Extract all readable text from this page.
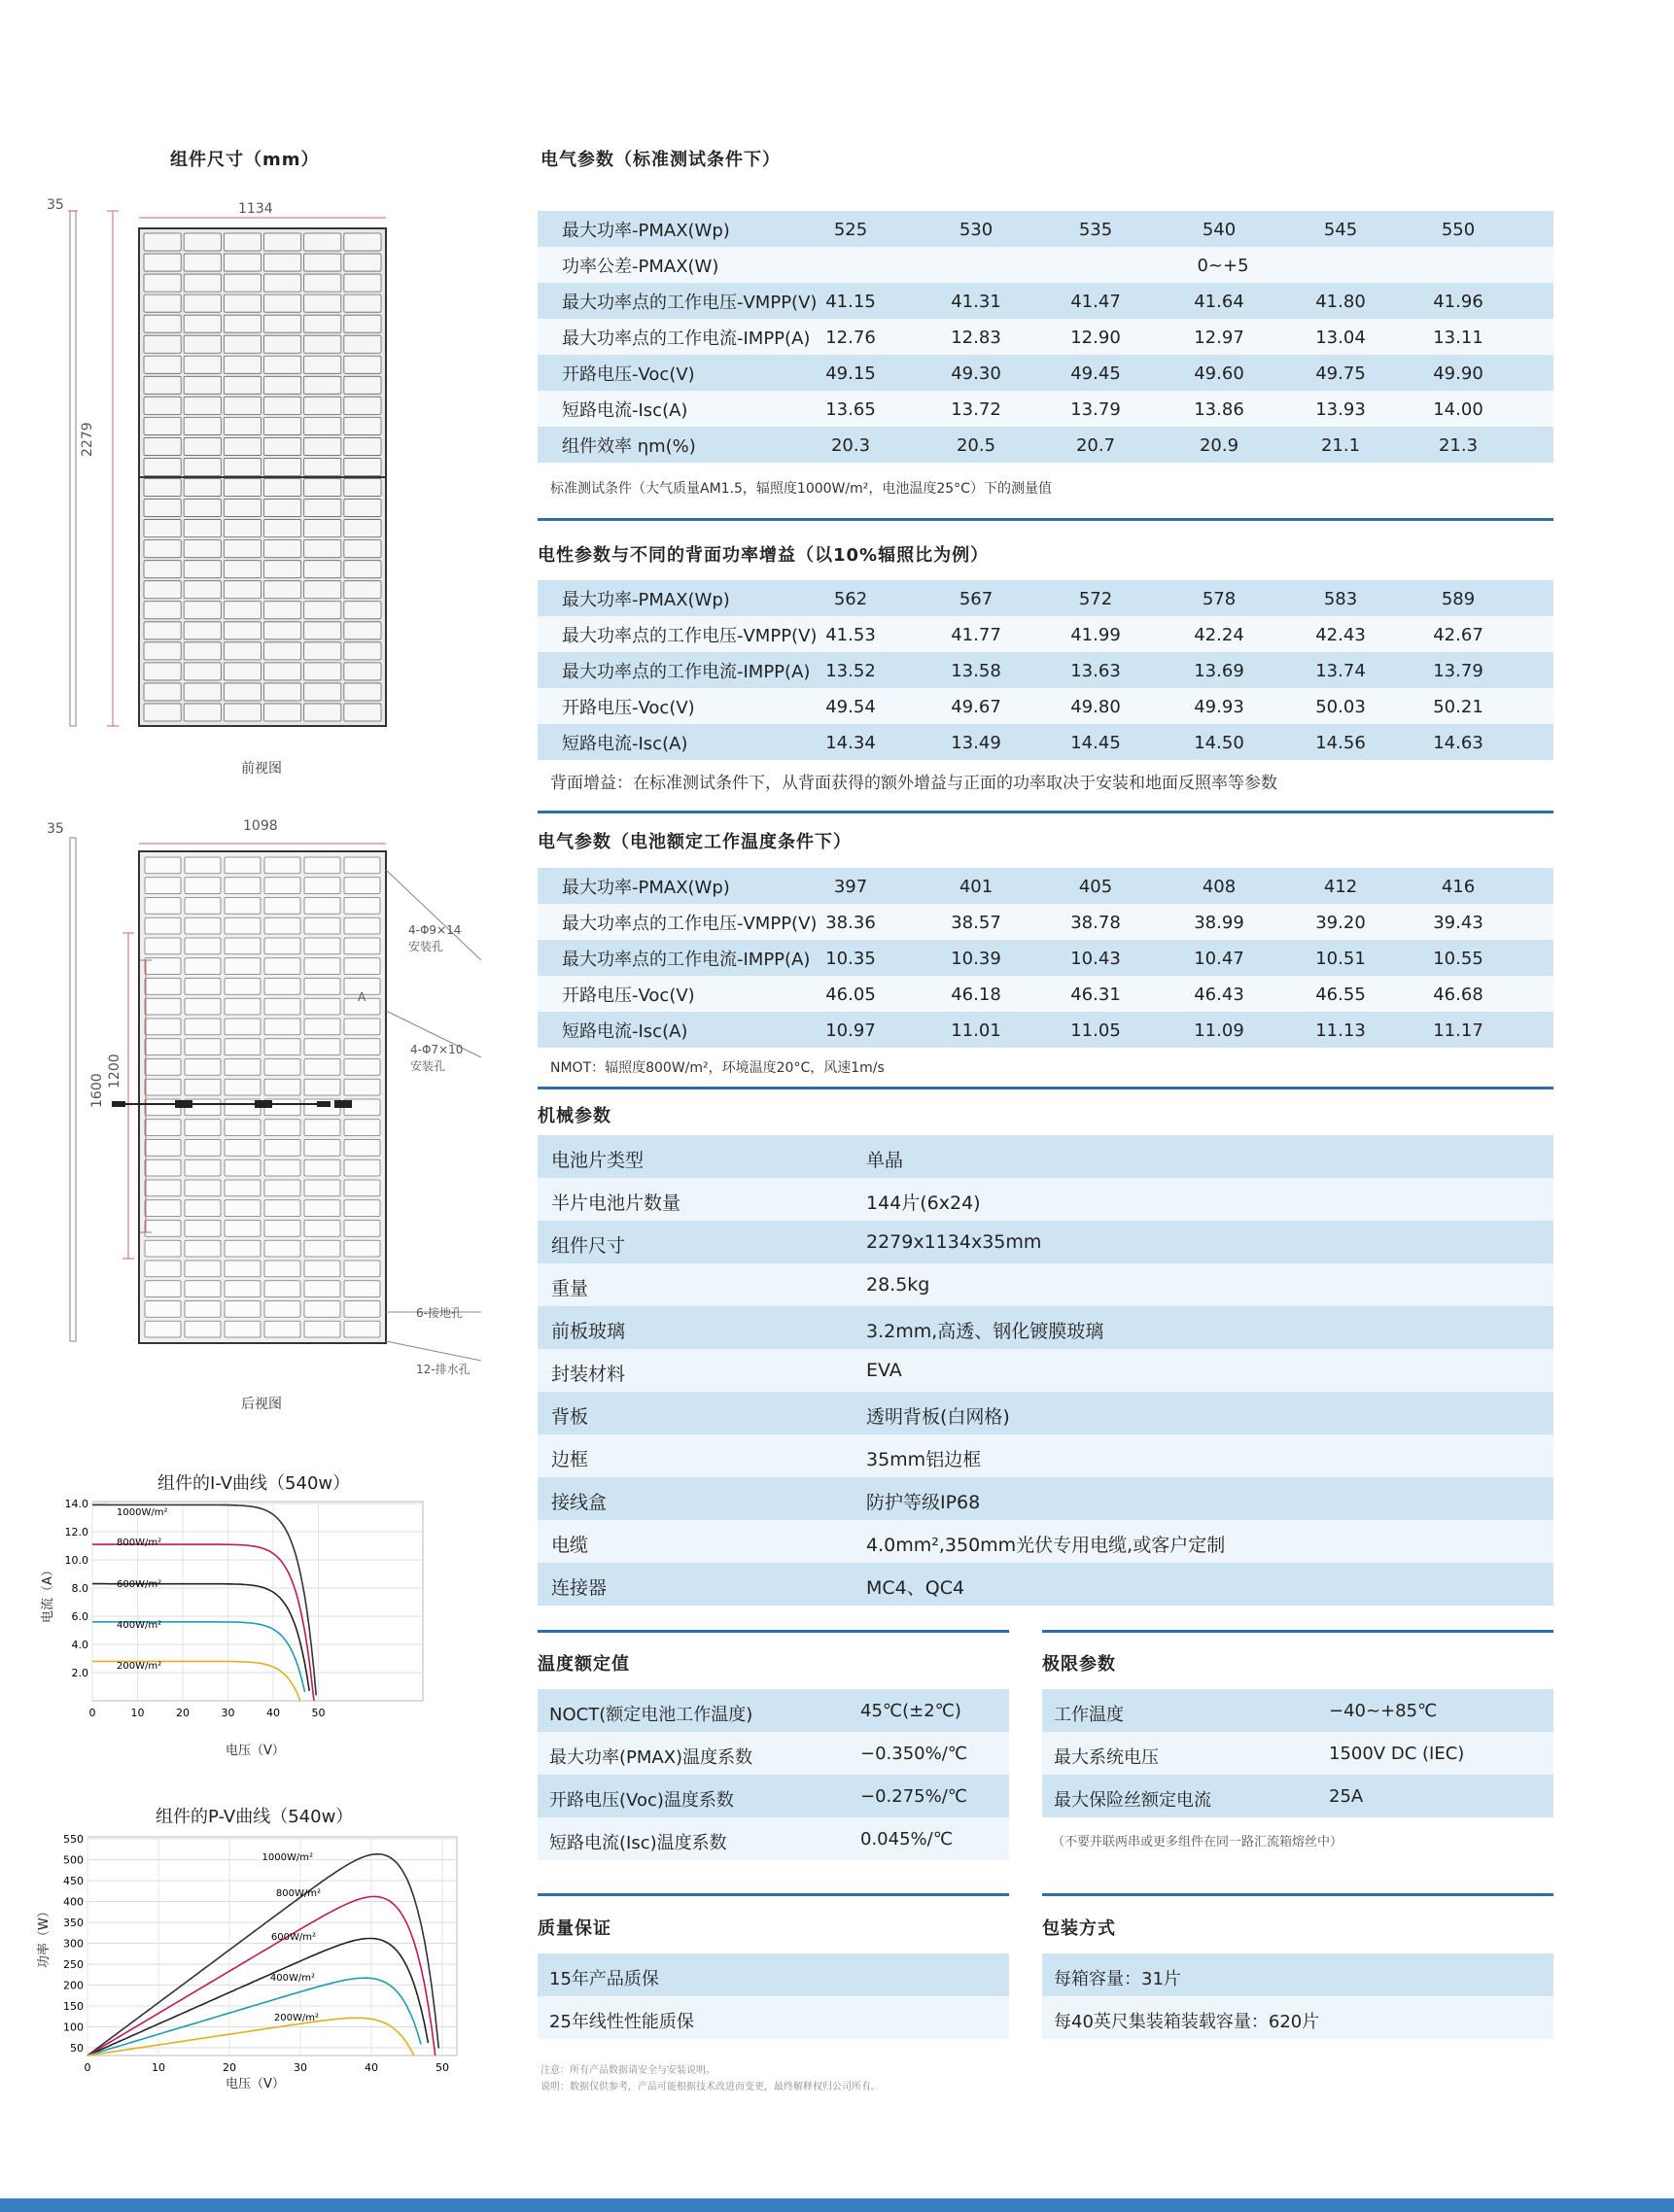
组件尺寸（mm）
1134
35
2279
前视图
1098
35
1600
1200
4-Φ9×14
安装孔
4-Φ7×10
安装孔
6-接地孔
12-排水孔
A
后视图
组件的I-V曲线（540w）
14.0
12.0
10.0
8.0
6.0
4.0
2.0
0	10	20	30	40	50
1000W/m²
800W/m²
600W/m²
400W/m²
200W/m²
电流（A）
电压（V）
组件的P-V曲线（540w）
550
500
450
400
350
300
250
200
150
100
50
0	10	20	30	40	50
1000W/m²
800W/m²
600W/m²
400W/m²
200W/m²
功率（W）
电压（V）
电气参数（标准测试条件下）
最大功率-PMAX(Wp)	525	530	535	540	545	550
功率公差-PMAX(W)	0~+5
最大功率点的工作电压-VMPP(V) 41.15	41.31	41.47	41.64	41.80	41.96
最大功率点的工作电流-IMPP(A) 12.76	12.83	12.90	12.97	13.04	13.11
开路电压-Voc(V)	49.15	49.30	49.45	49.60	49.75	49.90
短路电流-Isc(A)	13.65	13.72	13.79	13.86	13.93	14.00
组件效率 ηm(%)	20.3	20.5	20.7	20.9	21.1	21.3
标准测试条件（大气质量AM1.5，辐照度1000W/m²，电池温度25°C）下的测量值
电性参数与不同的背面功率增益（以10%辐照比为例）
最大功率-PMAX(Wp)	562	567	572	578	583	589
最大功率点的工作电压-VMPP(V) 41.53	41.77	41.99	42.24	42.43	42.67
最大功率点的工作电流-IMPP(A) 13.52	13.58	13.63	13.69	13.74	13.79
开路电压-Voc(V)	49.54	49.67	49.80	49.93	50.03	50.21
短路电流-Isc(A)	14.34	13.49	14.45	14.50	14.56	14.63
背面增益：在标准测试条件下，从背面获得的额外增益与正面的功率取决于安装和地面反照率等参数
电气参数（电池额定工作温度条件下）
最大功率-PMAX(Wp)	397	401	405	408	412	416
最大功率点的工作电压-VMPP(V) 38.36	38.57	38.78	38.99	39.20	39.43
最大功率点的工作电流-IMPP(A) 10.35	10.39	10.43	10.47	10.51	10.55
开路电压-Voc(V)	46.05	46.18	46.31	46.43	46.55	46.68
短路电流-Isc(A)	10.97	11.01	11.05	11.09	11.13	11.17
NMOT：辐照度800W/m²，环境温度20°C，风速1m/s
机械参数
电池片类型	单晶
半片电池片数量	144片(6x24)
组件尺寸	2279x1134x35mm
重量	28.5kg
前板玻璃	3.2mm,高透、钢化镀膜玻璃
封装材料	EVA
背板	透明背板(白网格)
边框	35mm铝边框
接线盒	防护等级IP68
电缆	4.0mm²,350mm光伏专用电缆,或客户定制
连接器	MC4、QC4
温度额定值
NOCT(额定电池工作温度)	45℃(±2℃)
最大功率(PMAX)温度系数	−0.350%/℃
开路电压(Voc)温度系数	−0.275%/℃
短路电流(Isc)温度系数	0.045%/℃
极限参数
工作温度	−40~+85℃
最大系统电压	1500V DC (IEC)
最大保险丝额定电流	25A
（不要并联两串或更多组件在同一路汇流箱熔丝中）
质量保证
15年产品质保
25年线性性能质保
包装方式
每箱容量：31片
每40英尺集装箱装载容量：620片
注意：所有产品数据请安全与安装说明。
说明：数据仅供参考，产品可能根据技术改进而变更，最终解释权归公司所有。
